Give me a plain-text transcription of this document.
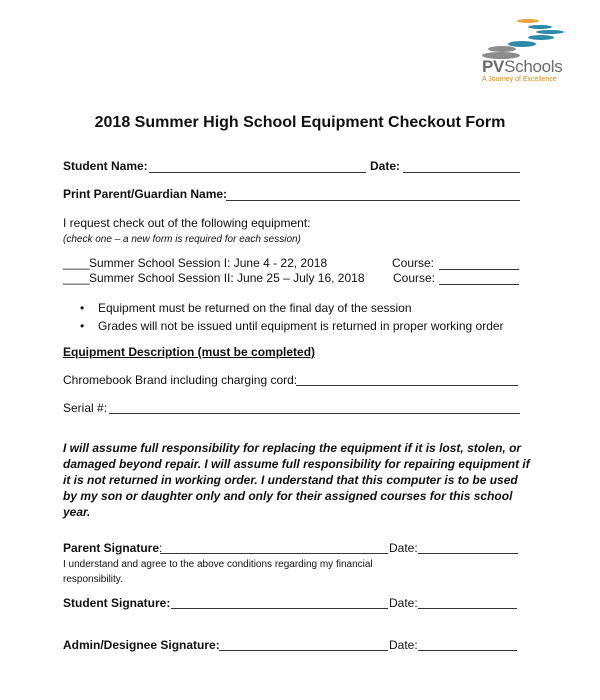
PVSchools
A Journey of Excellence
2018 Summer High School Equipment Checkout Form
Student Name:	Date:
Print Parent/Guardian Name:
I request check out of the following equipment:
(check one – a new form is required for each session)
____ Summer School Session I: June 4 - 22, 2018	Course:
____ Summer School Session II: June 25 – July 16, 2018 Course:
• Equipment must be returned on the final day of the session
• Grades will not be issued until equipment is returned in proper working order
Equipment Description (must be completed)
Chromebook Brand including charging cord:
Serial #:
I will assume full responsibility for replacing the equipment if it is lost, stolen, or damaged beyond repair. I will assume full responsibility for repairing equipment if it is not returned in working order. I understand that this computer is to be used by my son or daughter only and only for their assigned courses for this school year.
Parent Signature:	Date:
I understand and agree to the above conditions regarding my financial
responsibility.
Student Signature:	Date:
Admin/Designee Signature:	Date:
